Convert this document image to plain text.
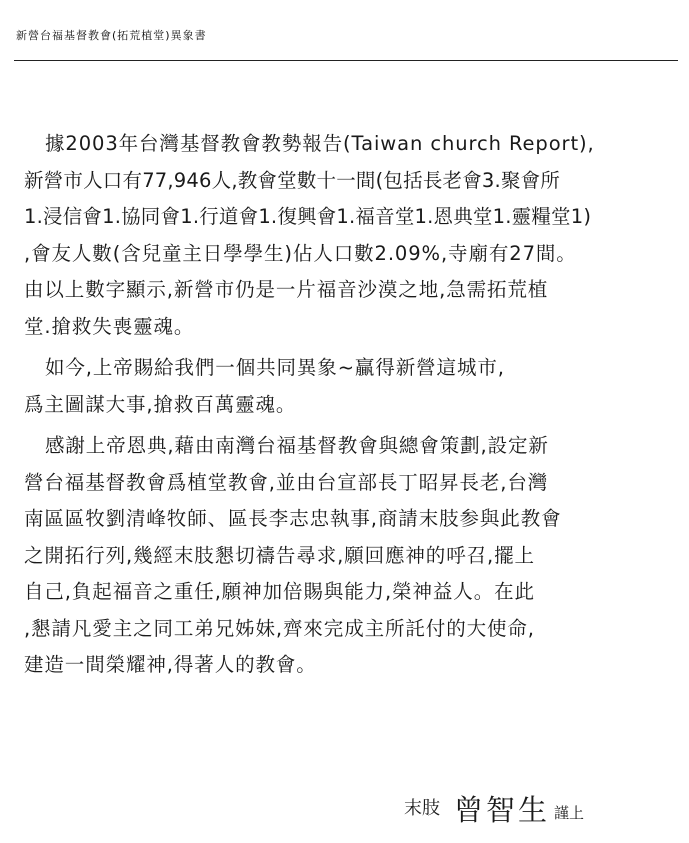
新營台福基督教會(拓荒植堂)異象書
據2003年台灣基督教會教勢報告(Taiwan church Report),
新營市人口有77,946人,教會堂數十一間(包括長老會3.聚會所
1.浸信會1.協同會1.行道會1.復興會1.福音堂1.恩典堂1.靈糧堂1)
,會友人數(含兒童主日學學生)佔人口數2.09%,寺廟有27間。
由以上數字顯示,新營市仍是一片福音沙漠之地,急需拓荒植
堂.搶救失喪靈魂。
如今,上帝賜給我們一個共同異象~贏得新營這城市,
爲主圖謀大事,搶救百萬靈魂。
感謝上帝恩典,藉由南灣台福基督教會與總會策劃,設定新
營台福基督教會爲植堂教會,並由台宣部長丁昭昇長老,台灣
南區區牧劉清峰牧師、區長李志忠執事,商請末肢参與此教會
之開拓行列,幾經末肢懇切禱告尋求,願回應神的呼召,擺上
自己,負起福音之重任,願神加倍賜與能力,榮神益人。在此
,懇請凡愛主之同工弟兄姊妹,齊來完成主所託付的大使命,
建造一間榮耀神,得著人的教會。
末肢 曾智生 謹上
